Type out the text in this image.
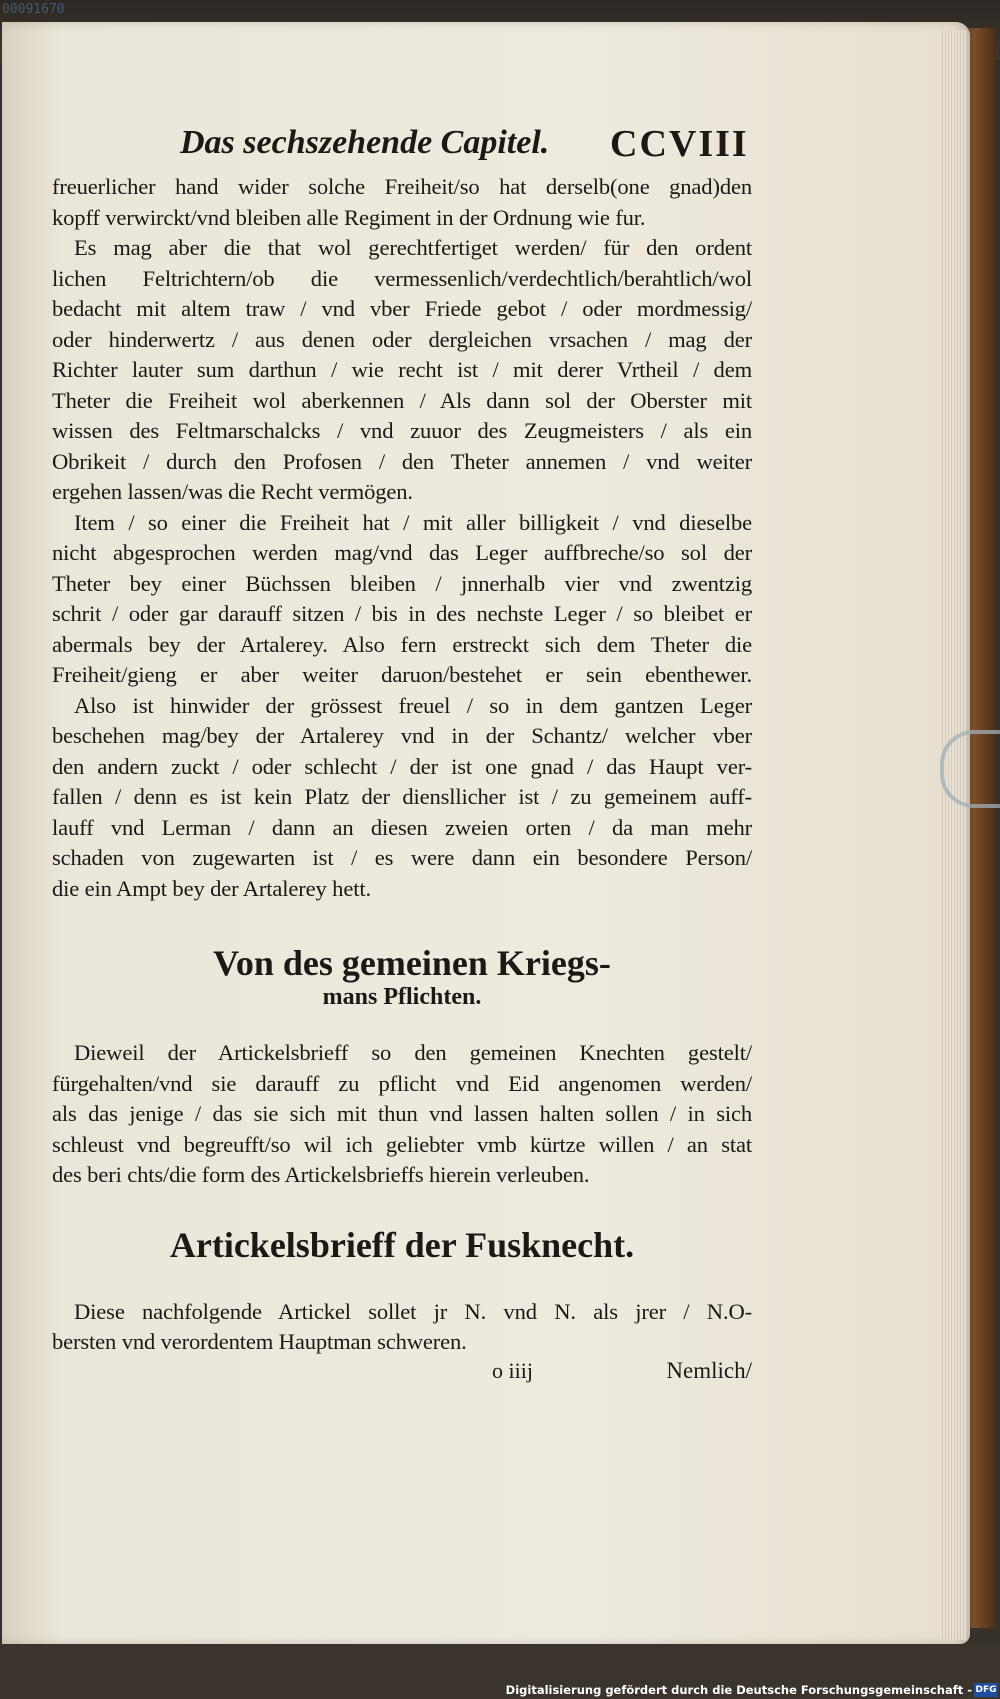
00091670
Das sechszehende Capitel. CCVIII
freuerlicher hand wider solche Freiheit/so hat derselb(one gnad)den
kopff verwirckt/vnd bleiben alle Regiment in der Ordnung wie fur.
Es mag aber die that wol gerechtfertiget werden/ für den ordent
lichen Feltrichtern/ob die vermessenlich/verdechtlich/berahtlich/wol
bedacht mit altem traw / vnd vber Friede gebot / oder mordmessig/
oder hinderwertz / aus denen oder dergleichen vrsachen / mag der
Richter lauter sum darthun / wie recht ist / mit derer Vrtheil / dem
Theter die Freiheit wol aberkennen / Als dann sol der Oberster mit
wissen des Feltmarschalcks / vnd zuuor des Zeugmeisters / als ein
Obrikeit / durch den Profosen / den Theter annemen / vnd weiter
ergehen lassen/was die Recht vermögen.
Item / so einer die Freiheit hat / mit aller billigkeit / vnd dieselbe
nicht abgesprochen werden mag/vnd das Leger auffbreche/so sol der
Theter bey einer Büchssen bleiben / jnnerhalb vier vnd zwentzig
schrit / oder gar darauff sitzen / bis in des nechste Leger / so bleibet er
abermals bey der Artalerey. Also fern erstreckt sich dem Theter die
Freiheit/gieng er aber weiter daruon/bestehet er sein ebenthewer.
Also ist hinwider der grössest freuel / so in dem gantzen Leger
beschehen mag/bey der Artalerey vnd in der Schantz/ welcher vber
den andern zuckt / oder schlecht / der ist one gnad / das Haupt ver-
fallen / denn es ist kein Platz der diensllicher ist / zu gemeinem auff-
lauff vnd Lerman / dann an diesen zweien orten / da man mehr
schaden von zugewarten ist / es were dann ein besondere Person/
die ein Ampt bey der Artalerey hett.
Von des gemeinen Kriegs-
mans Pflichten.
Dieweil der Artickelsbrieff so den gemeinen Knechten gestelt/
fürgehalten/vnd sie darauff zu pflicht vnd Eid angenomen werden/
als das jenige / das sie sich mit thun vnd lassen halten sollen / in sich
schleust vnd begreufft/so wil ich geliebter vmb kürtze willen / an stat
des beri chts/die form des Artickelsbrieffs hierein verleuben.
Artickelsbrieff der Fusknecht.
Diese nachfolgende Artickel sollet jr N. vnd N. als jrer / N.O-
bersten vnd verordentem Hauptman schweren.
o iiij	Nemlich/
Digitalisierung gefördert durch die Deutsche Forschungsgemeinschaft - DFG
